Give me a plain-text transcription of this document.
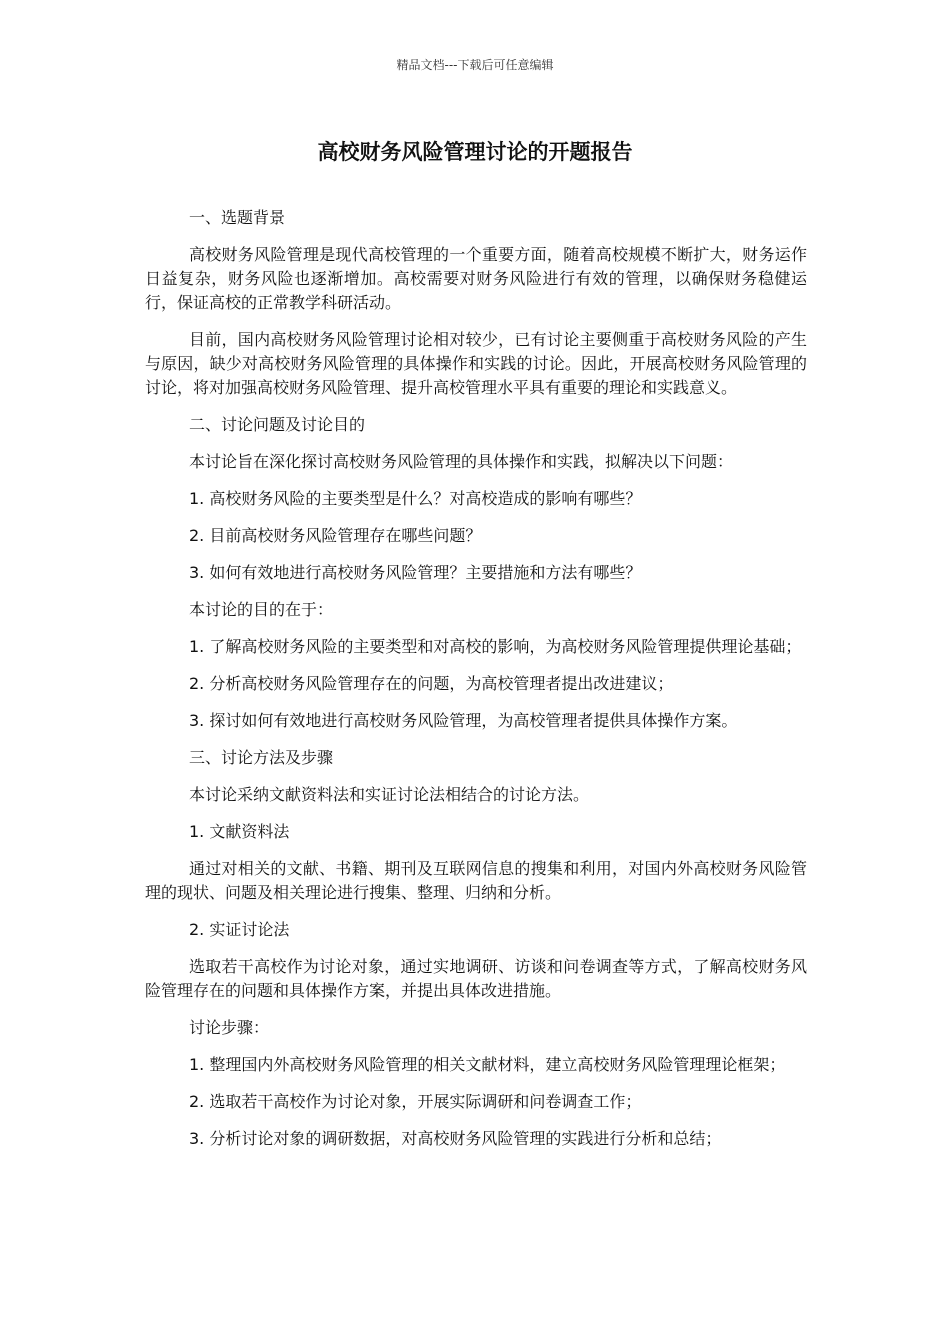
精品文档---下载后可任意编辑
高校财务风险管理讨论的开题报告

一、选题背景

高校财务风险管理是现代高校管理的一个重要方面，随着高校规模不断扩大，财务运作日益复杂，财务风险也逐渐增加。高校需要对财务风险进行有效的管理，以确保财务稳健运行，保证高校的正常教学科研活动。

目前，国内高校财务风险管理讨论相对较少，已有讨论主要侧重于高校财务风险的产生与原因，缺少对高校财务风险管理的具体操作和实践的讨论。因此，开展高校财务风险管理的讨论，将对加强高校财务风险管理、提升高校管理水平具有重要的理论和实践意义。

二、讨论问题及讨论目的

本讨论旨在深化探讨高校财务风险管理的具体操作和实践，拟解决以下问题：

1. 高校财务风险的主要类型是什么？对高校造成的影响有哪些？

2. 目前高校财务风险管理存在哪些问题？

3. 如何有效地进行高校财务风险管理？主要措施和方法有哪些？

本讨论的目的在于：

1. 了解高校财务风险的主要类型和对高校的影响，为高校财务风险管理提供理论基础；

2. 分析高校财务风险管理存在的问题，为高校管理者提出改进建议；

3. 探讨如何有效地进行高校财务风险管理，为高校管理者提供具体操作方案。

三、讨论方法及步骤

本讨论采纳文献资料法和实证讨论法相结合的讨论方法。

1. 文献资料法

通过对相关的文献、书籍、期刊及互联网信息的搜集和利用，对国内外高校财务风险管理的现状、问题及相关理论进行搜集、整理、归纳和分析。

2. 实证讨论法

选取若干高校作为讨论对象，通过实地调研、访谈和问卷调查等方式，了解高校财务风险管理存在的问题和具体操作方案，并提出具体改进措施。

讨论步骤：

1. 整理国内外高校财务风险管理的相关文献材料，建立高校财务风险管理理论框架；

2. 选取若干高校作为讨论对象，开展实际调研和问卷调查工作；

3. 分析讨论对象的调研数据，对高校财务风险管理的实践进行分析和总结；
